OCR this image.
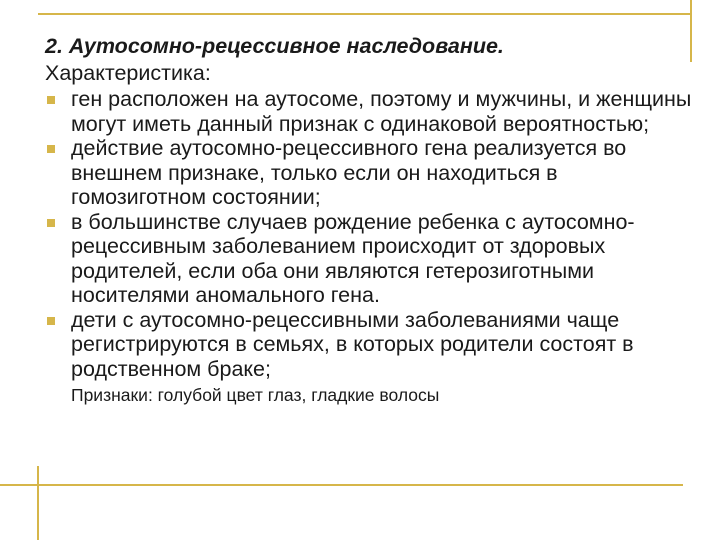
2. Аутосомно-рецессивное наследование.

Характеристика:

ген расположен на аутосоме, поэтому и мужчины, и женщины могут иметь данный признак с одинаковой вероятностью;
действие аутосомно-рецессивного гена реализуется во внешнем признаке, только если он находиться в гомозиготном состоянии;
в большинстве случаев рождение ребенка с аутосомно-рецессивным заболеванием происходит от здоровых родителей, если оба они являются гетерозиготными носителями аномального гена.
дети с аутосомно-рецессивными заболеваниями чаще регистрируются в семьях, в которых родители состоят в родственном браке;
Признаки: голубой цвет глаз, гладкие волосы
